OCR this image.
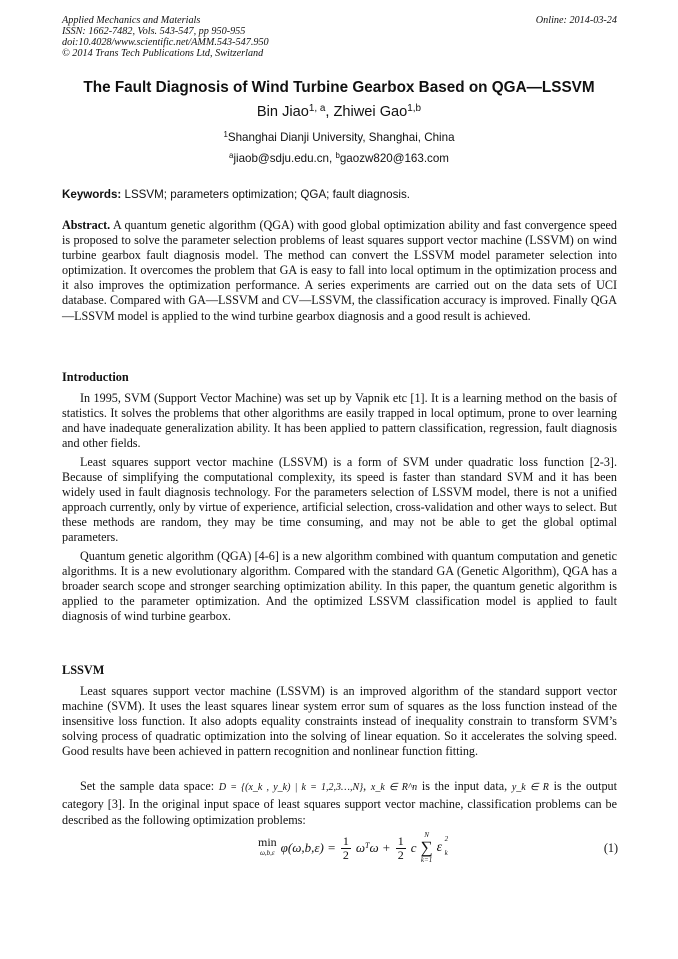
Applied Mechanics and Materials
ISSN: 1662-7482, Vols. 543-547, pp 950-955
doi:10.4028/www.scientific.net/AMM.543-547.950
© 2014 Trans Tech Publications Ltd, Switzerland
Online: 2014-03-24
The Fault Diagnosis of Wind Turbine Gearbox Based on QGA—LSSVM
Bin Jiao$^{1, a}$, Zhiwei Gao$^{1,b}$
$^1$Shanghai Dianji University, Shanghai, China
$^a$jiaob@sdju.edu.cn, $^b$gaozw820@163.com
Keywords: LSSVM; parameters optimization; QGA; fault diagnosis.
Abstract. A quantum genetic algorithm (QGA) with good global optimization ability and fast convergence speed is proposed to solve the parameter selection problems of least squares support vector machine (LSSVM) on wind turbine gearbox fault diagnosis model. The method can convert the LSSVM model parameter selection into optimization. It overcomes the problem that GA is easy to fall into local optimum in the optimization process and it also improves the optimization performance. A series experiments are carried out on the data sets of UCI database. Compared with GA—LSSVM and CV—LSSVM, the classification accuracy is improved. Finally QGA—LSSVM model is applied to the wind turbine gearbox diagnosis and a good result is achieved.
Introduction
In 1995, SVM (Support Vector Machine) was set up by Vapnik etc [1]. It is a learning method on the basis of statistics. It solves the problems that other algorithms are easily trapped in local optimum, prone to over learning and have inadequate generalization ability. It has been applied to pattern classification, regression, fault diagnosis and other fields.
Least squares support vector machine (LSSVM) is a form of SVM under quadratic loss function [2-3]. Because of simplifying the computational complexity, its speed is faster than standard SVM and it has been widely used in fault diagnosis technology. For the parameters selection of LSSVM model, there is not a unified approach currently, only by virtue of experience, artificial selection, cross-validation and other ways to select. But these methods are random, they may be time consuming, and may not be able to get the global optimal parameters.
Quantum genetic algorithm (QGA) [4-6] is a new algorithm combined with quantum computation and genetic algorithms. It is a new evolutionary algorithm. Compared with the standard GA (Genetic Algorithm), QGA has a broader search scope and stronger searching optimization ability. In this paper, the quantum genetic algorithm is applied to the parameter optimization. And the optimized LSSVM classification model is applied to fault diagnosis of wind turbine gearbox.
LSSVM
Least squares support vector machine (LSSVM) is an improved algorithm of the standard support vector machine (SVM). It uses the least squares linear system error sum of squares as the loss function instead of the insensitive loss function. It also adopts equality constraints instead of inequality constrain to transform SVM’s solving process of quadratic optimization into the solving of linear equation. So it accelerates the solving speed. Good results have been achieved in pattern recognition and nonlinear function fitting.
Set the sample data space: D = {(x_k , y_k) | k = 1,2,3…,N}, x_k ∈ R^n is the input data, y_k ∈ R is the output category [3]. In the original input space of least squares support vector machine, classification problems can be described as the following optimization problems:
min
ω,b,ε $\varphi(\omega,b,\varepsilon) = \frac{1}{2} \omega^T\omega + \frac{1}{2}$ c
N
∑
k=1
ε
2
k	(1)
